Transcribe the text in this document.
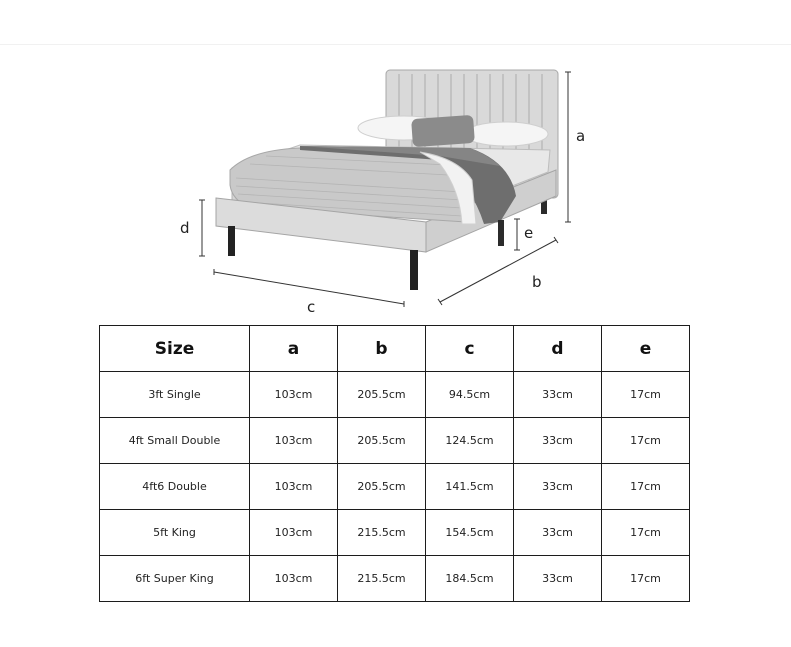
a
b
c
d	e
Size	a	b	c	d	e
3ft Single	103cm	205.5cm	94.5cm	33cm	17cm
4ft Small Double	103cm	205.5cm	124.5cm	33cm	17cm
4ft6 Double	103cm	205.5cm	141.5cm	33cm	17cm
5ft King	103cm	215.5cm	154.5cm	33cm	17cm
6ft Super King	103cm	215.5cm	184.5cm	33cm	17cm
